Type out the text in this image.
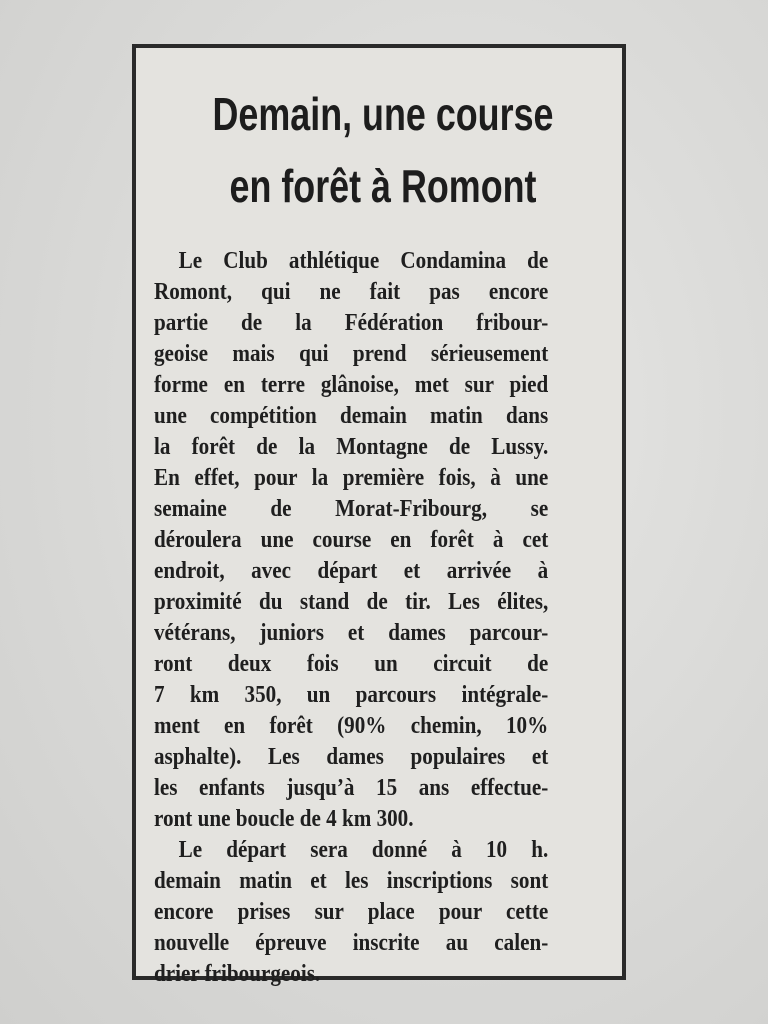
Demain, une course
en forêt à Romont
Le Club athlétique Condamina de
Romont, qui ne fait pas encore
partie de la Fédération fribour-
geoise mais qui prend sérieusement
forme en terre glânoise, met sur pied
une compétition demain matin dans
la forêt de la Montagne de Lussy.
En effet, pour la première fois, à une
semaine de Morat-Fribourg, se
déroulera une course en forêt à cet
endroit, avec départ et arrivée à
proximité du stand de tir. Les élites,
vétérans, juniors et dames parcour-
ront deux fois un circuit de
7 km 350, un parcours intégrale-
ment en forêt (90% chemin, 10%
asphalte). Les dames populaires et
les enfants jusqu’à 15 ans effectue-
ront une boucle de 4 km 300.
Le départ sera donné à 10 h.
demain matin et les inscriptions sont
encore prises sur place pour cette
nouvelle épreuve inscrite au calen-
drier fribourgeois.
